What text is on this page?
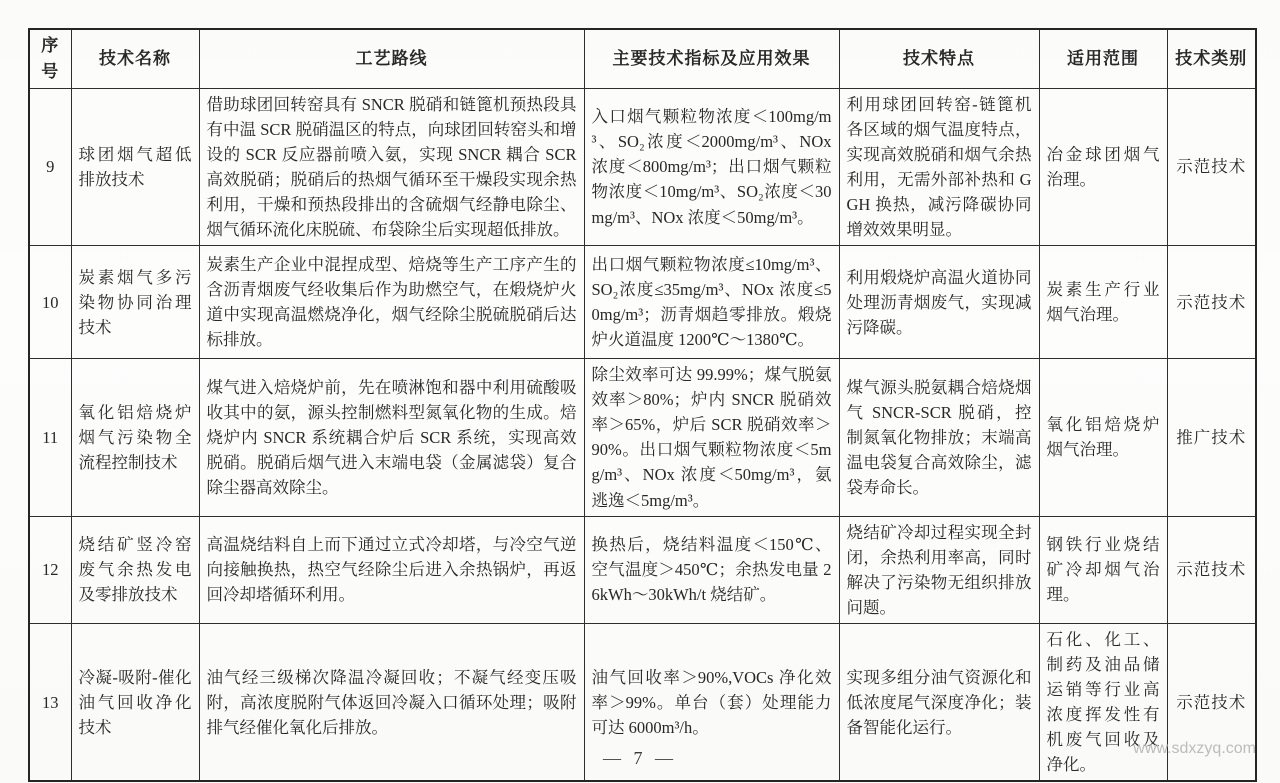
序号	技术名称	工艺路线	主要技术指标及应用效果	技术特点	适用范围	技术类别
9	球团烟气超低排放技术	借助球团回转窑具有 SNCR 脱硝和链篦机预热段具有中温 SCR 脱硝温区的特点，向球团回转窑头和增设的 SCR 反应器前喷入氨，实现 SNCR 耦合 SCR 高效脱硝；脱硝后的热烟气循环至干燥段实现余热利用，干燥和预热段排出的含硫烟气经静电除尘、烟气循环流化床脱硫、布袋除尘后实现超低排放。	入口烟气颗粒物浓度＜100mg/m³、SO₂浓度＜2000mg/m³、NOx 浓度＜800mg/m³；出口烟气颗粒物浓度＜10mg/m³、SO₂浓度＜30mg/m³、NOx 浓度＜50mg/m³。	利用球团回转窑-链篦机各区域的烟气温度特点，实现高效脱硝和烟气余热利用，无需外部补热和 GGH 换热，减污降碳协同增效效果明显。	冶金球团烟气治理。	示范技术
10	炭素烟气多污染物协同治理技术	炭素生产企业中混捏成型、焙烧等生产工序产生的含沥青烟废气经收集后作为助燃空气，在煅烧炉火道中实现高温燃烧净化，烟气经除尘脱硫脱硝后达标排放。	出口烟气颗粒物浓度≤10mg/m³、SO₂浓度≤35mg/m³、NOx 浓度≤50mg/m³；沥青烟趋零排放。煅烧炉火道温度 1200℃～1380℃。	利用煅烧炉高温火道协同处理沥青烟废气，实现减污降碳。	炭素生产行业烟气治理。	示范技术
11	氧化铝焙烧炉烟气污染物全流程控制技术	煤气进入焙烧炉前，先在喷淋饱和器中利用硫酸吸收其中的氨，源头控制燃料型氮氧化物的生成。焙烧炉内 SNCR 系统耦合炉后 SCR 系统，实现高效脱硝。脱硝后烟气进入末端电袋（金属滤袋）复合除尘器高效除尘。	除尘效率可达 99.99%；煤气脱氨效率＞80%；炉内 SNCR 脱硝效率＞65%，炉后 SCR 脱硝效率＞90%。出口烟气颗粒物浓度＜5mg/m³、NOx 浓度＜50mg/m³，氨逃逸＜5mg/m³。	煤气源头脱氨耦合焙烧烟气 SNCR-SCR 脱硝，控制氮氧化物排放；末端高温电袋复合高效除尘，滤袋寿命长。	氧化铝焙烧炉烟气治理。	推广技术
12	烧结矿竖冷窑废气余热发电及零排放技术	高温烧结料自上而下通过立式冷却塔，与冷空气逆向接触换热，热空气经除尘后进入余热锅炉，再返回冷却塔循环利用。	换热后，烧结料温度＜150℃、空气温度＞450℃；余热发电量 26kWh～30kWh/t 烧结矿。	烧结矿冷却过程实现全封闭，余热利用率高，同时解决了污染物无组织排放问题。	钢铁行业烧结矿冷却烟气治理。	示范技术
13	冷凝-吸附-催化油气回收净化技术	油气经三级梯次降温冷凝回收；不凝气经变压吸附，高浓度脱附气体返回冷凝入口循环处理；吸附排气经催化氧化后排放。	油气回收率＞90%,VOCs 净化效率＞99%。单台（套）处理能力可达 6000m³/h。	实现多组分油气资源化和低浓度尾气深度净化；装备智能化运行。	石化、化工、制药及油品储运销等行业高浓度挥发性有机废气回收及净化。	示范技术
— 7 —	www.sdxzyq.com
